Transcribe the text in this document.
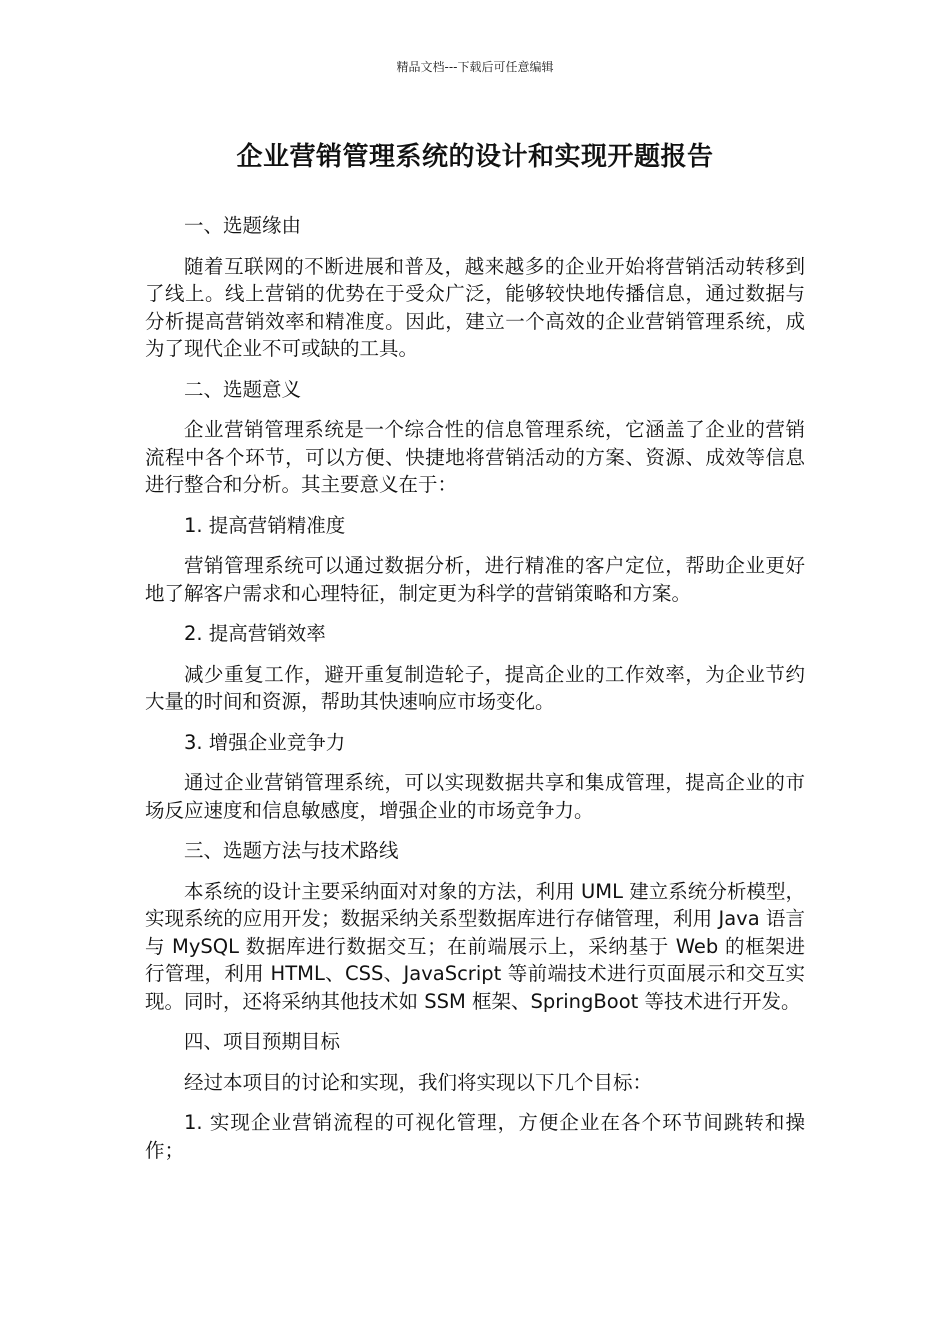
精品文档---下载后可任意编辑
企业营销管理系统的设计和实现开题报告
一、选题缘由
随着互联网的不断进展和普及，越来越多的企业开始将营销活动转移到了线上。线上营销的优势在于受众广泛，能够较快地传播信息，通过数据与分析提高营销效率和精准度。因此，建立一个高效的企业营销管理系统，成为了现代企业不可或缺的工具。
二、选题意义
企业营销管理系统是一个综合性的信息管理系统，它涵盖了企业的营销流程中各个环节，可以方便、快捷地将营销活动的方案、资源、成效等信息进行整合和分析。其主要意义在于：
1. 提高营销精准度
营销管理系统可以通过数据分析，进行精准的客户定位，帮助企业更好地了解客户需求和心理特征，制定更为科学的营销策略和方案。
2. 提高营销效率
减少重复工作，避开重复制造轮子，提高企业的工作效率，为企业节约大量的时间和资源，帮助其快速响应市场变化。
3. 增强企业竞争力
通过企业营销管理系统，可以实现数据共享和集成管理，提高企业的市场反应速度和信息敏感度，增强企业的市场竞争力。
三、选题方法与技术路线
本系统的设计主要采纳面对对象的方法，利用 UML 建立系统分析模型，实现系统的应用开发；数据采纳关系型数据库进行存储管理，利用 Java 语言与 MySQL 数据库进行数据交互；在前端展示上，采纳基于 Web 的框架进行管理，利用 HTML、CSS、JavaScript 等前端技术进行页面展示和交互实现。同时，还将采纳其他技术如 SSM 框架、SpringBoot 等技术进行开发。
四、项目预期目标
经过本项目的讨论和实现，我们将实现以下几个目标：
1. 实现企业营销流程的可视化管理，方便企业在各个环节间跳转和操作；
